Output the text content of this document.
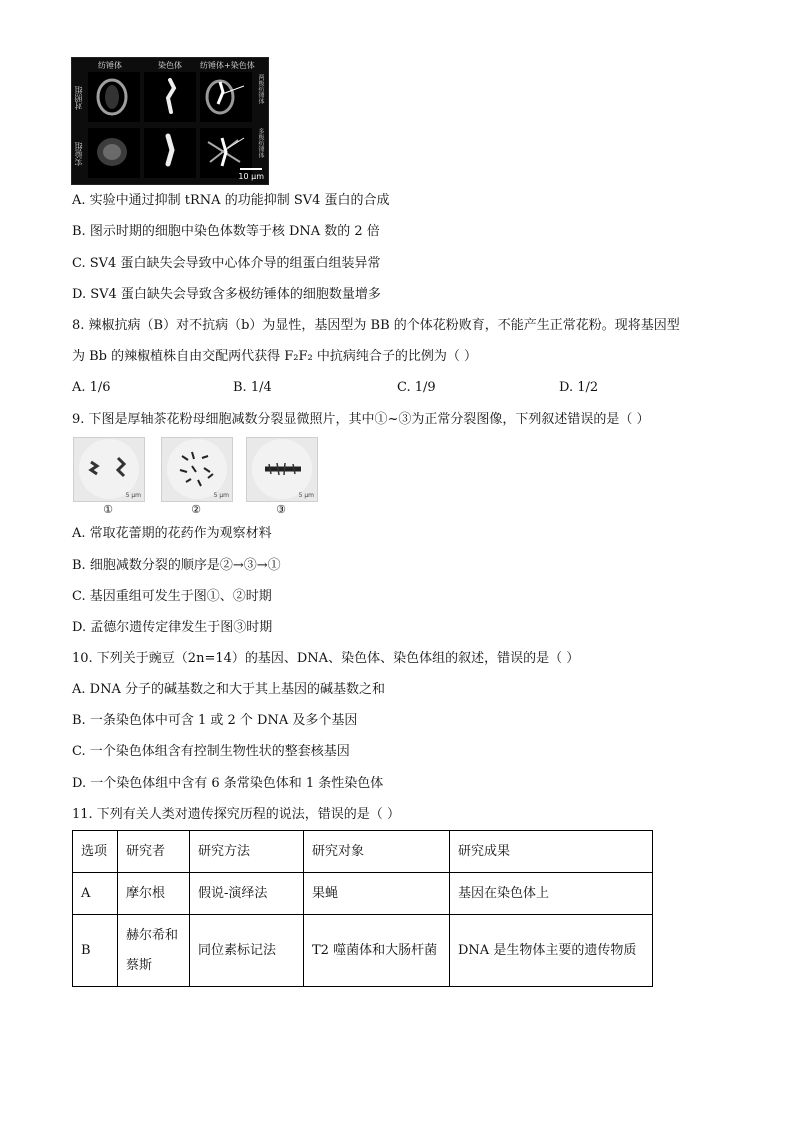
纺锤体	染色体 纺锤体+染色体
对照组
实验组
两极纺锤体
多极纺锤体
10 μm
A. 实验中通过抑制 tRNA 的功能抑制 SV4 蛋白的合成
B. 图示时期的细胞中染色体数等于核 DNA 数的 2 倍
C. SV4 蛋白缺失会导致中心体介导的组蛋白组装异常
D. SV4 蛋白缺失会导致含多极纺锤体的细胞数量增多
8. 辣椒抗病（B）对不抗病（b）为显性，基因型为 BB 的个体花粉败育，不能产生正常花粉。现将基因型
为 Bb 的辣椒植株自由交配两代获得 F₂F₂ 中抗病纯合子的比例为（ ）
A. 1/6	B. 1/4	C. 1/9	D. 1/2
9. 下图是厚轴茶花粉母细胞减数分裂显微照片，其中①~③为正常分裂图像，下列叙述错误的是（ ）
5 μm	5 μm	5 μm
①	②	③
A. 常取花蕾期的花药作为观察材料
B. 细胞减数分裂的顺序是②→③→①
C. 基因重组可发生于图①、②时期
D. 孟德尔遗传定律发生于图③时期
10. 下列关于豌豆（2n=14）的基因、DNA、染色体、染色体组的叙述，错误的是（ ）
A. DNA 分子的碱基数之和大于其上基因的碱基数之和
B. 一条染色体中可含 1 或 2 个 DNA 及多个基因
C. 一个染色体组含有控制生物性状的整套核基因
D. 一个染色体组中含有 6 条常染色体和 1 条性染色体
11. 下列有关人类对遗传探究历程的说法，错误的是（ ）
选项	研究者	研究方法	研究对象	研究成果
A	摩尔根	假说-演绎法	果蝇	基因在染色体上
B	赫尔希和蔡斯	同位素标记法	T2 噬菌体和大肠杆菌	DNA 是生物体主要的遗传物质
